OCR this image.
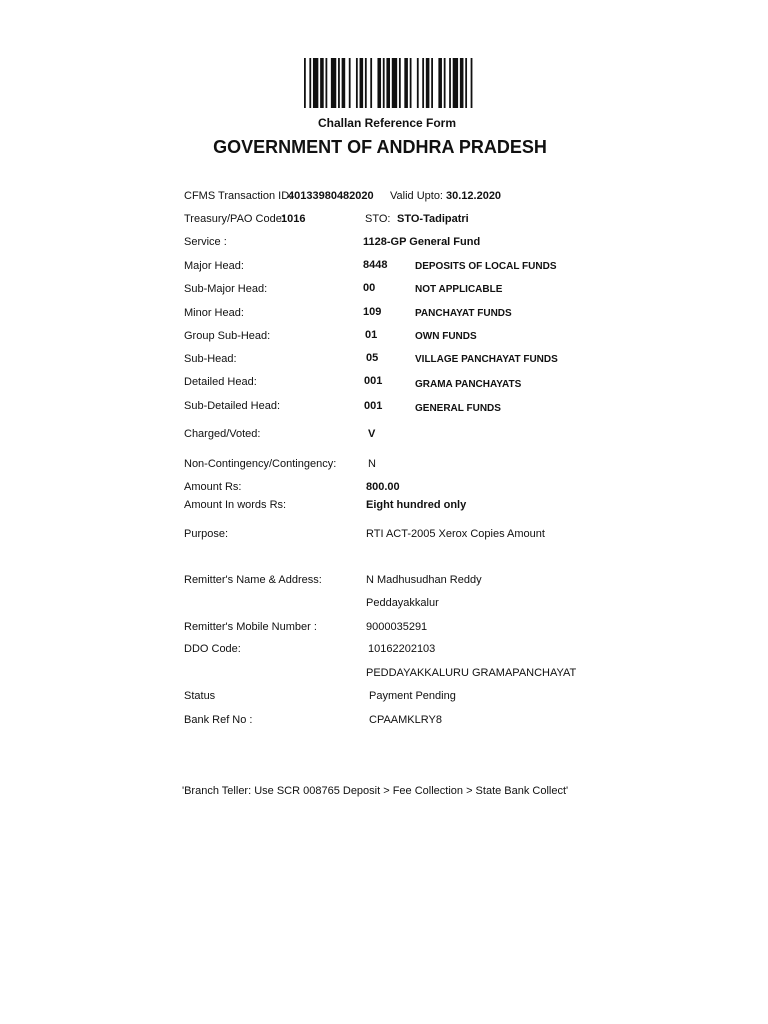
Challan Reference Form
GOVERNMENT OF ANDHRA PRADESH
CFMS Transaction ID:
40133980482020 Valid Upto: 30.12.2020
Treasury/PAO Code:
1016	STO: STO-Tadipatri
Service :	1128-GP General Fund
Major Head:	8448	DEPOSITS OF LOCAL FUNDS
Sub-Major Head:	00	NOT APPLICABLE
Minor Head:	109	PANCHAYAT FUNDS
Group Sub-Head:	01	OWN FUNDS
Sub-Head:	05	VILLAGE PANCHAYAT FUNDS
Detailed Head:	001	GRAMA PANCHAYATS
Sub-Detailed Head:	001	GENERAL FUNDS
Charged/Voted:	V
Non-Contingency/Contingency:	N
Amount Rs:	800.00
Amount In words Rs:	Eight hundred only
Purpose:	RTI ACT-2005 Xerox Copies Amount
Remitter's Name & Address:	N Madhusudhan Reddy
Peddayakkalur
Remitter's Mobile Number :	9000035291
DDO Code:	10162202103
PEDDAYAKKALURU GRAMAPANCHAYAT
Status	Payment Pending
Bank Ref No :	CPAAMKLRY8
'Branch Teller: Use SCR 008765 Deposit > Fee Collection > State Bank Collect'
